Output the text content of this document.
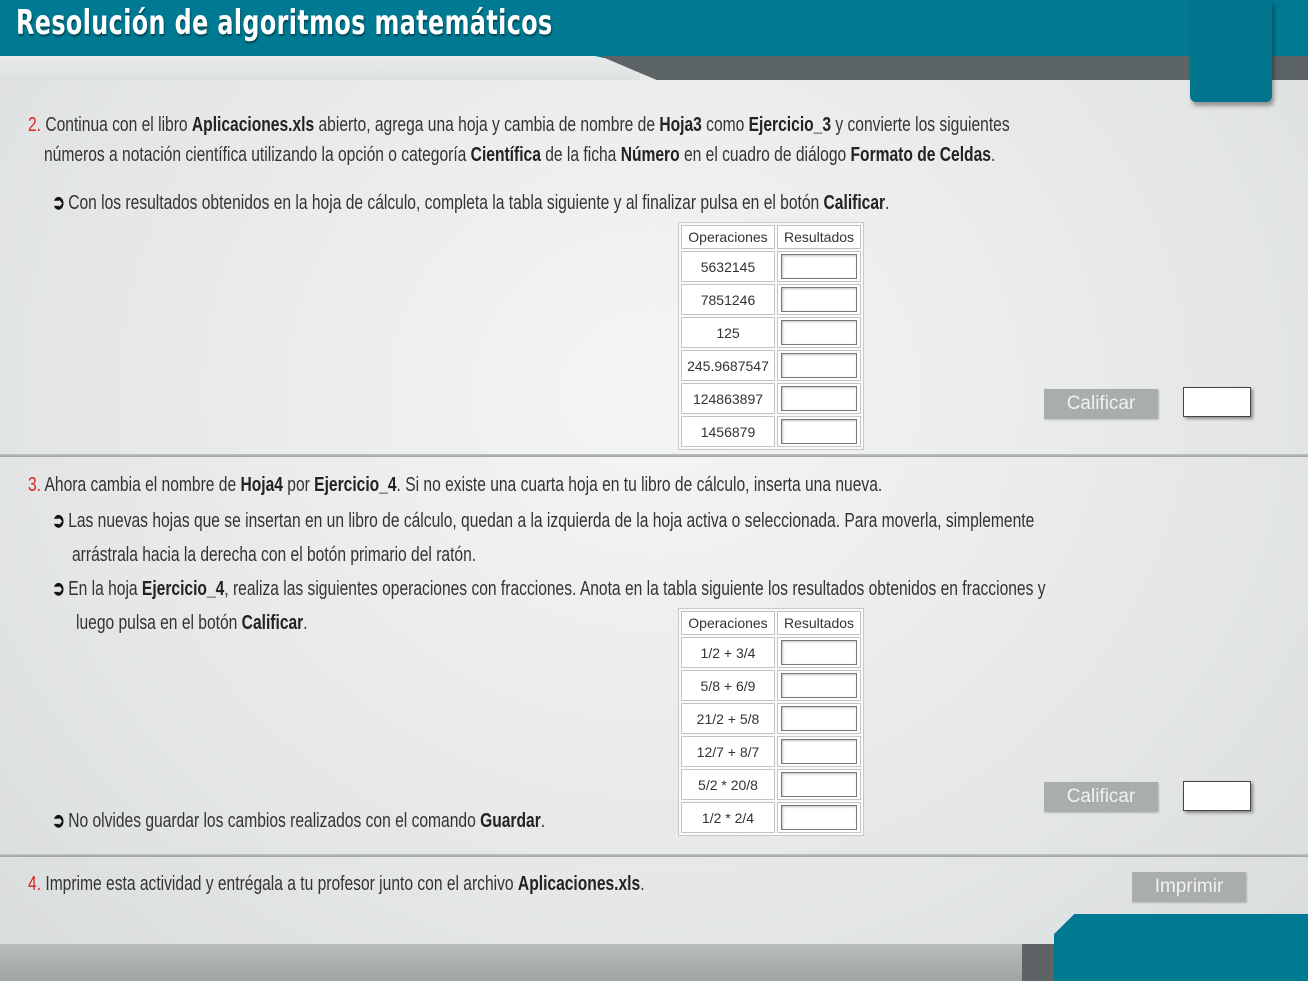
Resolución de algoritmos matemáticos
2. Continua con el libro Aplicaciones.xls abierto, agrega una hoja y cambia de nombre de Hoja3 como Ejercicio_3 y convierte los siguientes
números a notación científica utilizando la opción o categoría Científica de la ficha Número en el cuadro de diálogo Formato de Celdas.
➲ Con los resultados obtenidos en la hoja de cálculo, completa la tabla siguiente y al finalizar pulsa en el botón Calificar.
Operaciones	Resultados
5632145	
7851246	
125	
245.9687547	
124863897	
1456879	
Calificar
3. Ahora cambia el nombre de Hoja4 por Ejercicio_4. Si no existe una cuarta hoja en tu libro de cálculo, inserta una nueva.
➲ Las nuevas hojas que se insertan en un libro de cálculo, quedan a la izquierda de la hoja activa o seleccionada. Para moverla, simplemente
arrástrala hacia la derecha con el botón primario del ratón.
➲ En la hoja Ejercicio_4, realiza las siguientes operaciones con fracciones. Anota en la tabla siguiente los resultados obtenidos en fracciones y
luego pulsa en el botón Calificar.	Operaciones	Resultados
1/2 + 3/4	
5/8 + 6/9	
21/2 + 5/8	
12/7 + 8/7	
5/2 * 20/8	
1/2 * 2/4	
➲ No olvides guardar los cambios realizados con el comando Guardar.
Calificar
4. Imprime esta actividad y entrégala a tu profesor junto con el archivo Aplicaciones.xls.	Imprimir
